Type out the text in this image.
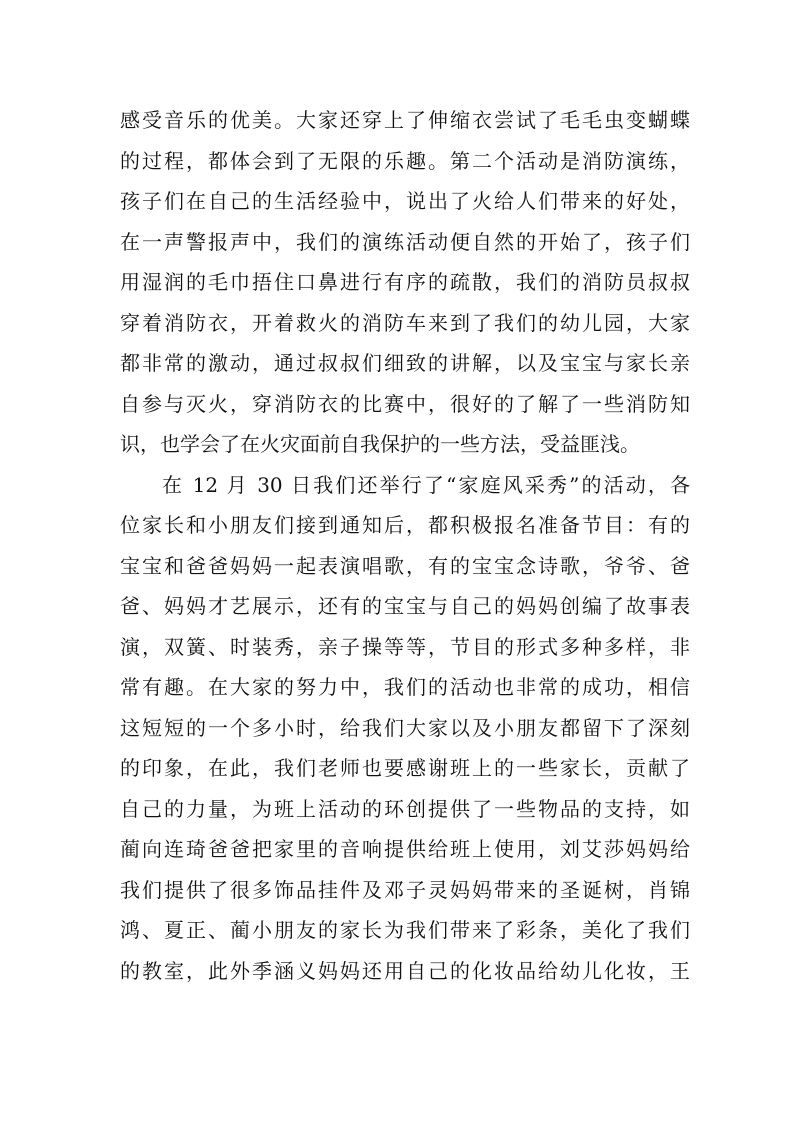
感受音乐的优美。大家还穿上了伸缩衣尝试了毛毛虫变蝴蝶
的过程，都体会到了无限的乐趣。第二个活动是消防演练，
孩子们在自己的生活经验中，说出了火给人们带来的好处，
在一声警报声中，我们的演练活动便自然的开始了，孩子们
用湿润的毛巾捂住口鼻进行有序的疏散，我们的消防员叔叔
穿着消防衣，开着救火的消防车来到了我们的幼儿园，大家
都非常的激动，通过叔叔们细致的讲解，以及宝宝与家长亲
自参与灭火，穿消防衣的比赛中，很好的了解了一些消防知
识，也学会了在火灾面前自我保护的一些方法，受益匪浅。
在 12 月 30 日我们还举行了“家庭风采秀”的活动，各
位家长和小朋友们接到通知后，都积极报名准备节目：有的
宝宝和爸爸妈妈一起表演唱歌，有的宝宝念诗歌，爷爷、爸
爸、妈妈才艺展示，还有的宝宝与自己的妈妈创编了故事表
演，双簧、时装秀，亲子操等等，节目的形式多种多样，非
常有趣。在大家的努力中，我们的活动也非常的成功，相信
这短短的一个多小时，给我们大家以及小朋友都留下了深刻
的印象，在此，我们老师也要感谢班上的一些家长，贡献了
自己的力量，为班上活动的环创提供了一些物品的支持，如
蔺向连琦爸爸把家里的音响提供给班上使用，刘艾莎妈妈给
我们提供了很多饰品挂件及邓子灵妈妈带来的圣诞树，肖锦
鸿、夏正、蔺小朋友的家长为我们带来了彩条，美化了我们
的教室，此外季涵义妈妈还用自己的化妆品给幼儿化妆，王
